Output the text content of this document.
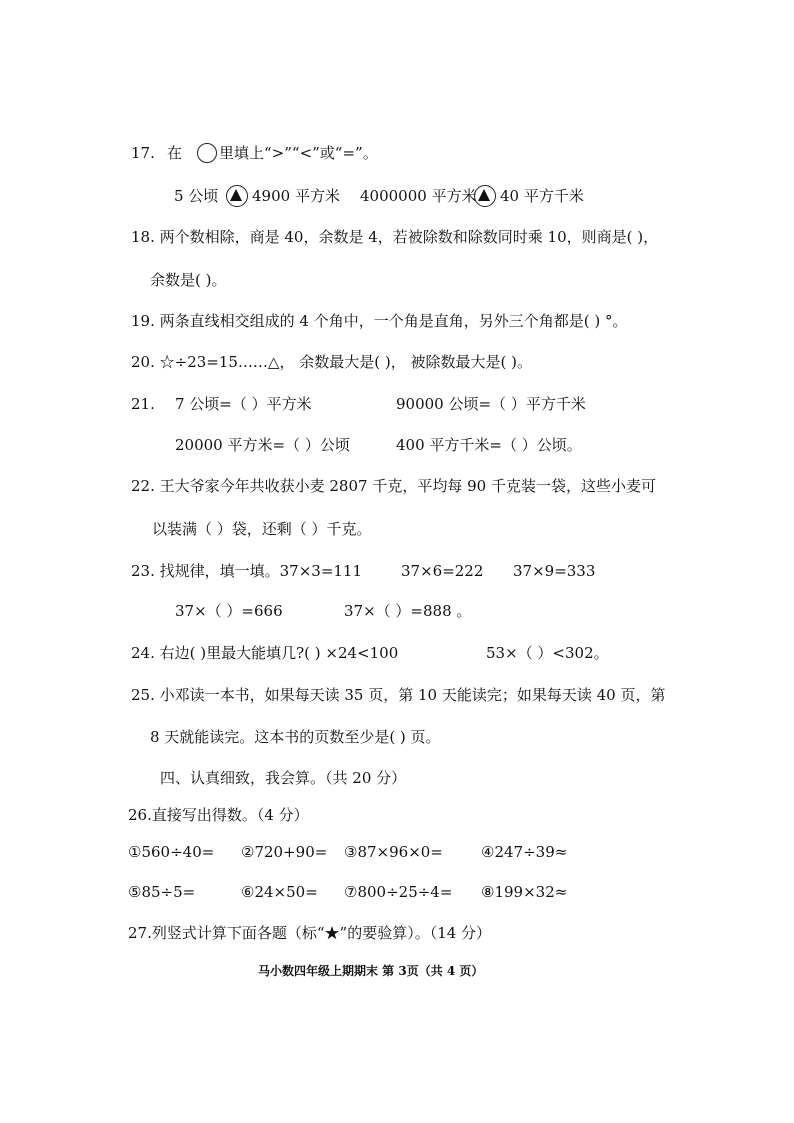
17. 在 里填上“>”“<”或“=”。
5 公顷 4900 平方米 4000000 平方米 40 平方千米
18. 两个数相除，商是 40，余数是 4，若被除数和除数同时乘 10，则商是( )，
余数是( )。
19. 两条直线相交组成的 4 个角中，一个角是直角，另外三个角都是( ) °。
20. ☆÷23=15……△， 余数最大是( )， 被除数最大是( )。
21. 7 公顷=（ ）平方米	90000 公顷=（ ）平方千米
20000 平方米=（ ）公顷	400 平方千米=（ ）公顷。
22. 王大爷家今年共收获小麦 2807 千克，平均每 90 千克装一袋，这些小麦可
以装满（ ）袋，还剩（ ）千克。
23. 找规律，填一填。37×3=111	37×6=222 37×9=333
37×（ ）=666	37×（ ）=888 。
24. 右边( )里最大能填几?( ) ×24<100	53×（ ）<302。
25. 小邓读一本书，如果每天读 35 页，第 10 天能读完；如果每天读 40 页，第
8 天就能读完。这本书的页数至少是( ) 页。
四、认真细致，我会算。（共 20 分）
26.直接写出得数。（4 分）
①560÷40= ②720+90= ③87×96×0=	④247÷39≈
⑤85÷5=	⑥24×50= ⑦800÷25÷4= ⑧199×32≈
27.列竖式计算下面各题（标“★”的要验算）。（14 分）
马小数四年级上期期末 第 3页（共 4 页）
